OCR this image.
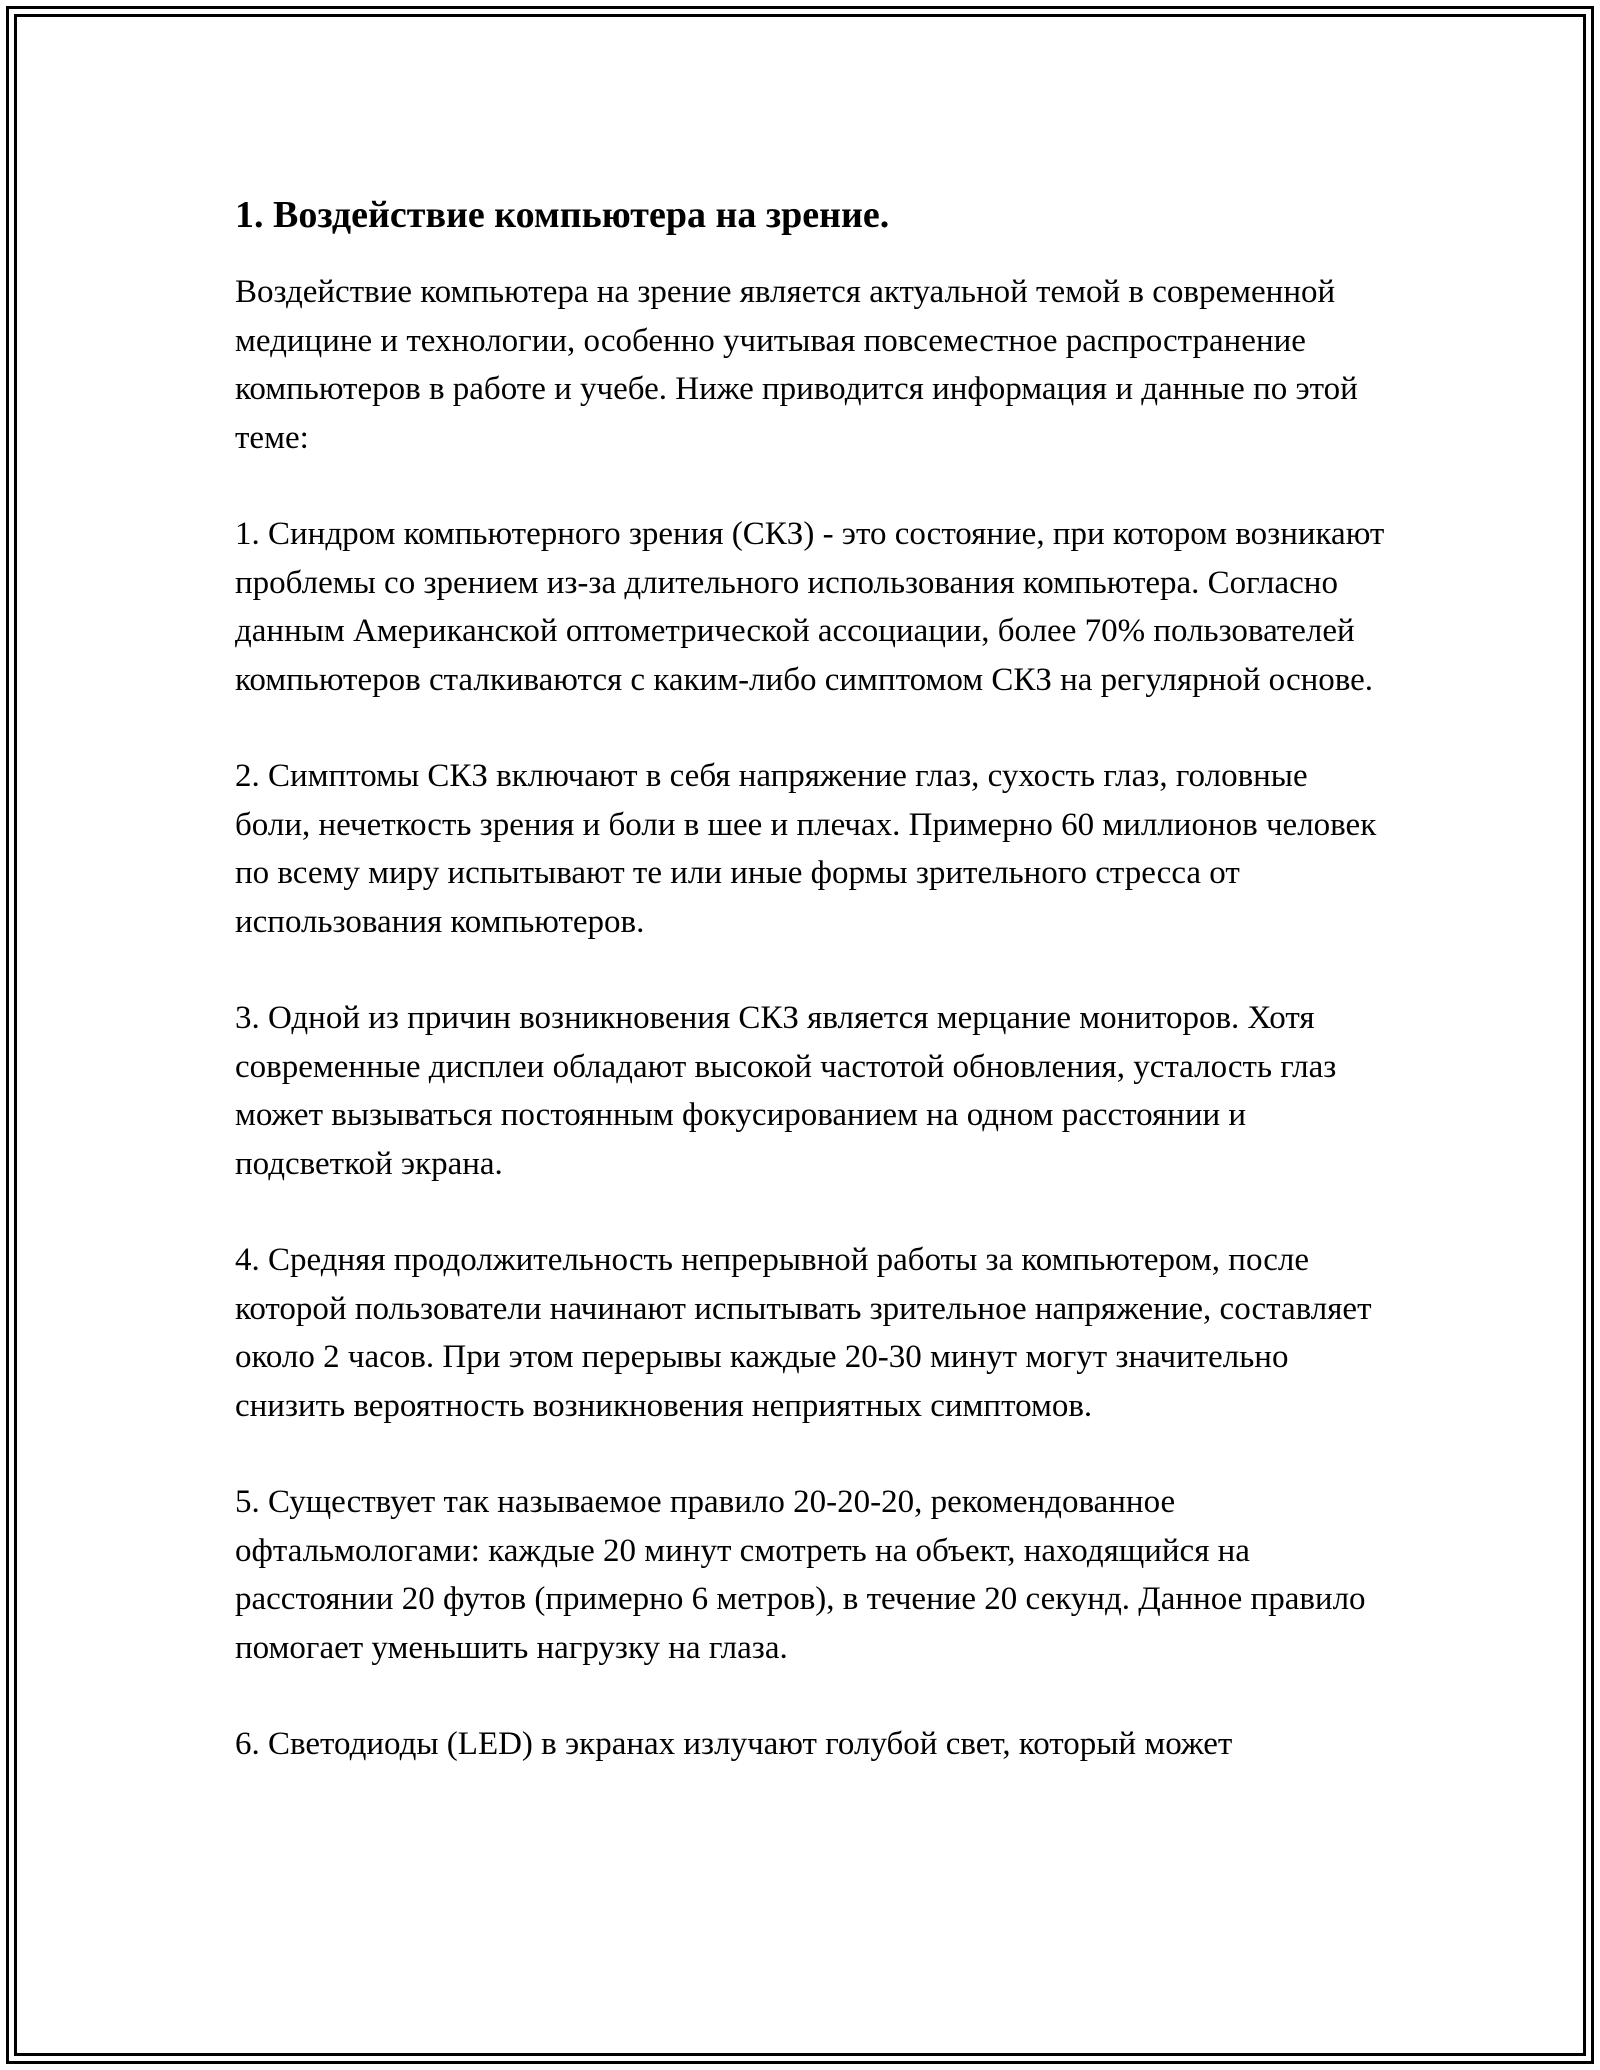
1. Воздействие компьютера на зрение.

Воздействие компьютера на зрение является актуальной темой в современной медицине и технологии, особенно учитывая повсеместное распространение компьютеров в работе и учебе. Ниже приводится информация и данные по этой теме:

1. Синдром компьютерного зрения (СКЗ) - это состояние, при котором возникают проблемы со зрением из-за длительного использования компьютера. Согласно данным Американской оптометрической ассоциации, более 70% пользователей компьютеров сталкиваются с каким-либо симптомом СКЗ на регулярной основе.

2. Симптомы СКЗ включают в себя напряжение глаз, сухость глаз, головные боли, нечеткость зрения и боли в шее и плечах. Примерно 60 миллионов человек по всему миру испытывают те или иные формы зрительного стресса от использования компьютеров.

3. Одной из причин возникновения СКЗ является мерцание мониторов. Хотя современные дисплеи обладают высокой частотой обновления, усталость глаз может вызываться постоянным фокусированием на одном расстоянии и подсветкой экрана.

4. Средняя продолжительность непрерывной работы за компьютером, после которой пользователи начинают испытывать зрительное напряжение, составляет около 2 часов. При этом перерывы каждые 20-30 минут могут значительно снизить вероятность возникновения неприятных симптомов.

5. Существует так называемое правило 20-20-20, рекомендованное офтальмологами: каждые 20 минут смотреть на объект, находящийся на расстоянии 20 футов (примерно 6 метров), в течение 20 секунд. Данное правило помогает уменьшить нагрузку на глаза.

6. Светодиоды (LED) в экранах излучают голубой свет, который может
